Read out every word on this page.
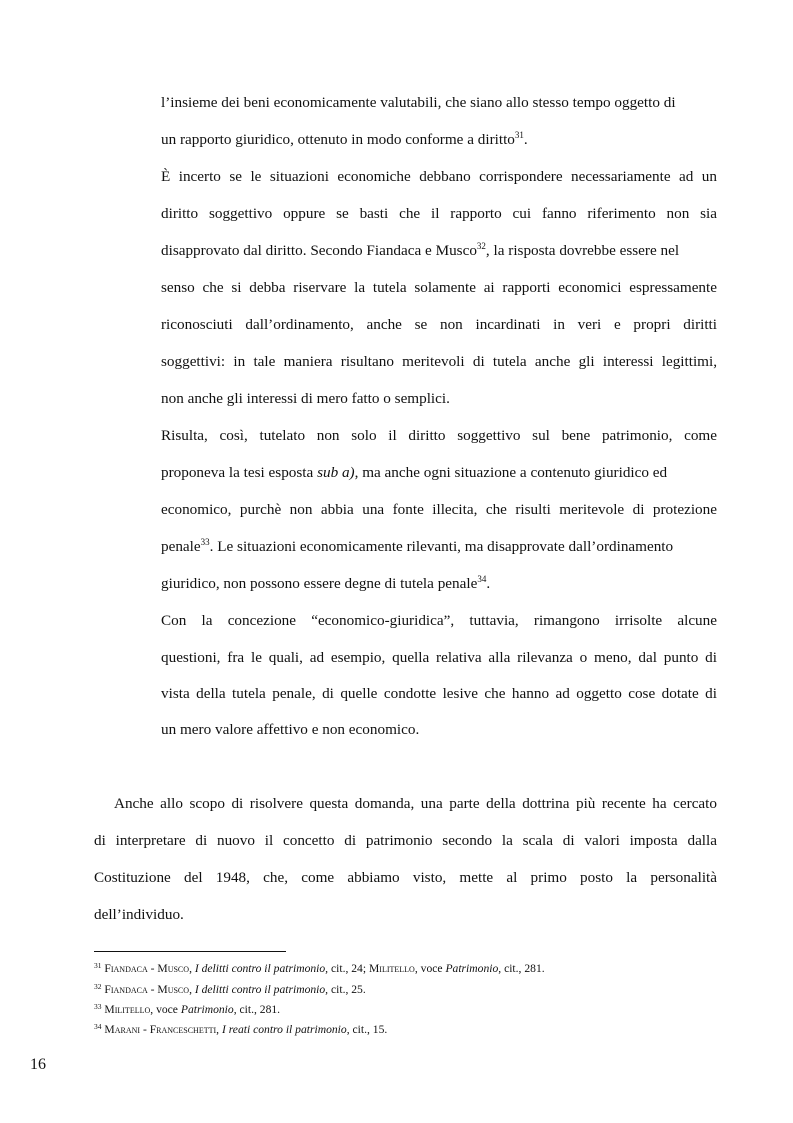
l’insieme dei beni economicamente valutabili, che siano allo stesso tempo oggetto di
un rapporto giuridico, ottenuto in modo conforme a diritto$^{31}$.
È incerto se le situazioni economiche debbano corrispondere necessariamente ad un
diritto soggettivo oppure se basti che il rapporto cui fanno riferimento non sia
disapprovato dal diritto. Secondo Fiandaca e Musco$^{32}$, la risposta dovrebbe essere nel
senso che si debba riservare la tutela solamente ai rapporti economici espressamente
riconosciuti dall’ordinamento, anche se non incardinati in veri e propri diritti
soggettivi: in tale maniera risultano meritevoli di tutela anche gli interessi legittimi,
non anche gli interessi di mero fatto o semplici.
Risulta, così, tutelato non solo il diritto soggettivo sul bene patrimonio, come
proponeva la tesi esposta sub a), ma anche ogni situazione a contenuto giuridico ed
economico, purchè non abbia una fonte illecita, che risulti meritevole di protezione
penale$^{33}$. Le situazioni economicamente rilevanti, ma disapprovate dall’ordinamento
giuridico, non possono essere degne di tutela penale$^{34}$.
Con la concezione “economico-giuridica”, tuttavia, rimangono irrisolte alcune
questioni, fra le quali, ad esempio, quella relativa alla rilevanza o meno, dal punto di
vista della tutela penale, di quelle condotte lesive che hanno ad oggetto cose dotate di
un mero valore affettivo e non economico.
Anche allo scopo di risolvere questa domanda, una parte della dottrina più recente ha cercato
di interpretare di nuovo il concetto di patrimonio secondo la scala di valori imposta dalla
Costituzione del 1948, che, come abbiamo visto, mette al primo posto la personalità
dell’individuo.
$^{31}$ Fiandaca - Musco, I delitti contro il patrimonio, cit., 24; Militello, voce Patrimonio, cit., 281.
$^{32}$ Fiandaca - Musco, I delitti contro il patrimonio, cit., 25.
$^{33}$ Militello, voce Patrimonio, cit., 281.
$^{34}$ Marani - Franceschetti, I reati contro il patrimonio, cit., 15.
16
